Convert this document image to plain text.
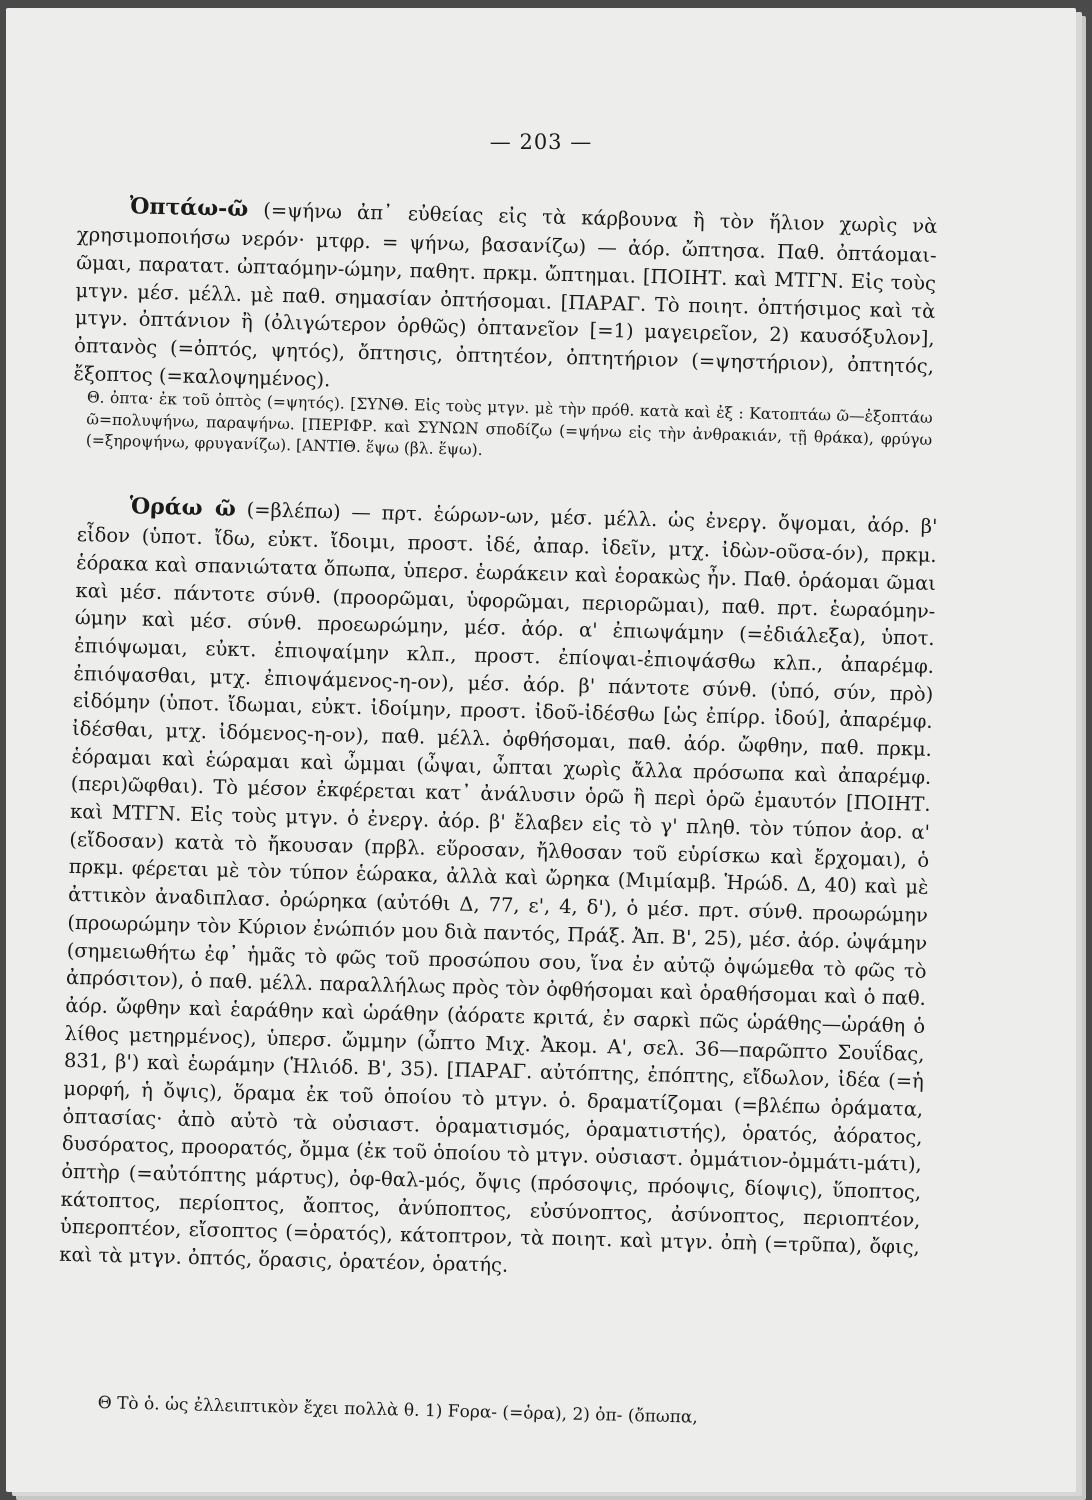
— 203 —

Ὀπτάω-ῶ (=ψήνω ἀπ᾽ εὐθείας εἰς τὰ κάρβουνα ἢ τὸν ἥλιον χωρὶς νὰ χρησιμοποιήσω νερόν· μτφρ. = ψήνω, βασανίζω) — ἀόρ. ὤπτησα. Παθ. ὀπτάομαι-ῶμαι, παρατατ. ὠπταόμην-ώμην, παθητ. πρκμ. ὤπτημαι. [ΠΟΙΗΤ. καὶ ΜΤΓΝ. Εἰς τοὺς μτγν. μέσ. μέλλ. μὲ παθ. σημασίαν ὀπτήσομαι. [ΠΑΡΑΓ. Τὸ ποιητ. ὀπτήσιμος καὶ τὰ μτγν. ὀπτάνιον ἢ (ὀλιγώτερον ὀρθῶς) ὀπτανεῖον [=1) μαγειρεῖον, 2) καυσόξυλον], ὀπτανὸς (=ὀπτός, ψητός), ὄπτησις, ὀπτητέον, ὀπτητήριον (=ψηστήριον), ὀπτητός, ἔξοπτος (=καλοψημένος).

Θ. ὀπτα· ἐκ τοῦ ὀπτὸς (=ψητός). [ΣΥΝΘ. Εἰς τοὺς μτγν. μὲ τὴν πρόθ. κατὰ καὶ ἐξ : Κατοπτάω ῶ—ἐξοπτάω ῶ=πολυψήνω, παραψήνω. [ΠΕΡΙΦΡ. καὶ ΣΥΝΩΝ σποδίζω (=ψήνω εἰς τὴν ἀνθρακιάν, τῇ θράκα), φρύγω (=ξηροψήνω, φρυγανίζω). [ΑΝΤΙΘ. ἕψω (βλ. ἕψω).

Ὁράω ῶ (=βλέπω) — πρτ. ἑώρων-ων, μέσ. μέλλ. ὡς ἐνεργ. ὄψομαι, ἀόρ. β' εἶδον (ὑποτ. ἴδω, εὐκτ. ἴδοιμι, προστ. ἰδέ, ἀπαρ. ἰδεῖν, μτχ. ἰδὼν-οῦσα-όν), πρκμ. ἑόρακα καὶ σπανιώτατα ὄπωπα, ὑπερσ. ἑωράκειν καὶ ἑορακὼς ἦν. Παθ. ὁράομαι ῶμαι καὶ μέσ. πάντοτε σύνθ. (προορῶμαι, ὑφορῶμαι, περιορῶμαι), παθ. πρτ. ἑωραόμην-ώμην καὶ μέσ. σύνθ. προεωρώμην, μέσ. ἀόρ. α' ἐπιωψάμην (=ἐδιάλεξα), ὑποτ. ἐπιόψωμαι, εὐκτ. ἐπιοψαίμην κλπ., προστ. ἐπίοψαι-ἐπιοψάσθω κλπ., ἀπαρέμφ. ἐπιόψασθαι, μτχ. ἐπιοψάμενος-η-ον), μέσ. ἀόρ. β' πάντοτε σύνθ. (ὑπό, σύν, πρὸ) εἰδόμην (ὑποτ. ἴδωμαι, εὐκτ. ἰδοίμην, προστ. ἰδοῦ-ἰδέσθω [ὡς ἐπίρρ. ἰδού], ἀπαρέμφ. ἰδέσθαι, μτχ. ἰδόμενος-η-ον), παθ. μέλλ. ὀφθήσομαι, παθ. ἀόρ. ὤφθην, παθ. πρκμ. ἑόραμαι καὶ ἑώραμαι καὶ ὦμμαι (ὦψαι, ὦπται χωρὶς ἄλλα πρόσωπα καὶ ἀπαρέμφ. (περι)ῶφθαι). Τὸ μέσον ἐκφέρεται κατ᾽ ἀνάλυσιν ὁρῶ ἢ περὶ ὁρῶ ἐμαυτόν [ΠΟΙΗΤ. καὶ ΜΤΓΝ. Εἰς τοὺς μτγν. ὁ ἐνεργ. ἀόρ. β' ἔλαβεν εἰς τὸ γ' πληθ. τὸν τύπον ἀορ. α' (εἴδοσαν) κατὰ τὸ ἤκουσαν (πρβλ. εὕροσαν, ἤλθοσαν τοῦ εὑρίσκω καὶ ἔρχομαι), ὁ πρκμ. φέρεται μὲ τὸν τύπον ἑώρακα, ἀλλὰ καὶ ὤρηκα (Μιμίαμβ. Ἡρώδ. Δ, 40) καὶ μὲ ἀττικὸν ἀναδιπλασ. ὀρώρηκα (αὐτόθι Δ, 77, ε', 4, δ'), ὁ μέσ. πρτ. σύνθ. προωρώμην (προωρώμην τὸν Κύριον ἐνώπιόν μου διὰ παντός, Πράξ. Ἀπ. Β', 25), μέσ. ἀόρ. ὠψάμην (σημειωθήτω ἐφ᾽ ἡμᾶς τὸ φῶς τοῦ προσώπου σου, ἵνα ἐν αὐτῷ ὀψώμεθα τὸ φῶς τὸ ἀπρόσιτον), ὁ παθ. μέλλ. παραλλήλως πρὸς τὸν ὀφθήσομαι καὶ ὁραθήσομαι καὶ ὁ παθ. ἀόρ. ὤφθην καὶ ἑαράθην καὶ ὡράθην (ἀόρατε κριτά, ἐν σαρκὶ πῶς ὡράθης—ὡράθη ὁ λίθος μετηρμένος), ὑπερσ. ὤμμην (ὦπτο Μιχ. Ἀκομ. Α', σελ. 36—παρῶπτο Σουΐδας, 831, β') καὶ ἑωράμην (Ἡλιόδ. Β', 35). [ΠΑΡΑΓ. αὐτόπτης, ἐπόπτης, εἴδωλον, ἰδέα (=ἡ μορφή, ἡ ὄψις), ὅραμα ἐκ τοῦ ὁποίου τὸ μτγν. ὁ. δραματίζομαι (=βλέπω ὁράματα, ὀπτασίας· ἀπὸ αὐτὸ τὰ οὐσιαστ. ὁραματισμός, ὁραματιστής), ὁρατός, ἀόρατος, δυσόρατος, προορατός, ὄμμα (ἐκ τοῦ ὁποίου τὸ μτγν. οὐσιαστ. ὀμμάτιον-ὀμμάτι-μάτι), ὀπτὴρ (=αὐτόπτης μάρτυς), ὀφ-θαλ-μός, ὄψις (πρόσοψις, πρόοψις, δίοψις), ὕποπτος, κάτοπτος, περίοπτος, ἄοπτος, ἀνύποπτος, εὐσύνοπτος, ἀσύνοπτος, περιοπτέον, ὑπεροπτέον, εἴσοπτος (=ὁρατός), κάτοπτρον, τὰ ποιητ. καὶ μτγν. ὀπὴ (=τρῦπα), ὄφις, καὶ τὰ μτγν. ὀπτός, ὅρασις, ὁρατέον, ὁρατής.

Θ Τὸ ὁ. ὡς ἐλλειπτικὸν ἔχει πολλὰ θ. 1) Fορα- (=ὁρα), 2) ὀπ- (ὄπωπα,
